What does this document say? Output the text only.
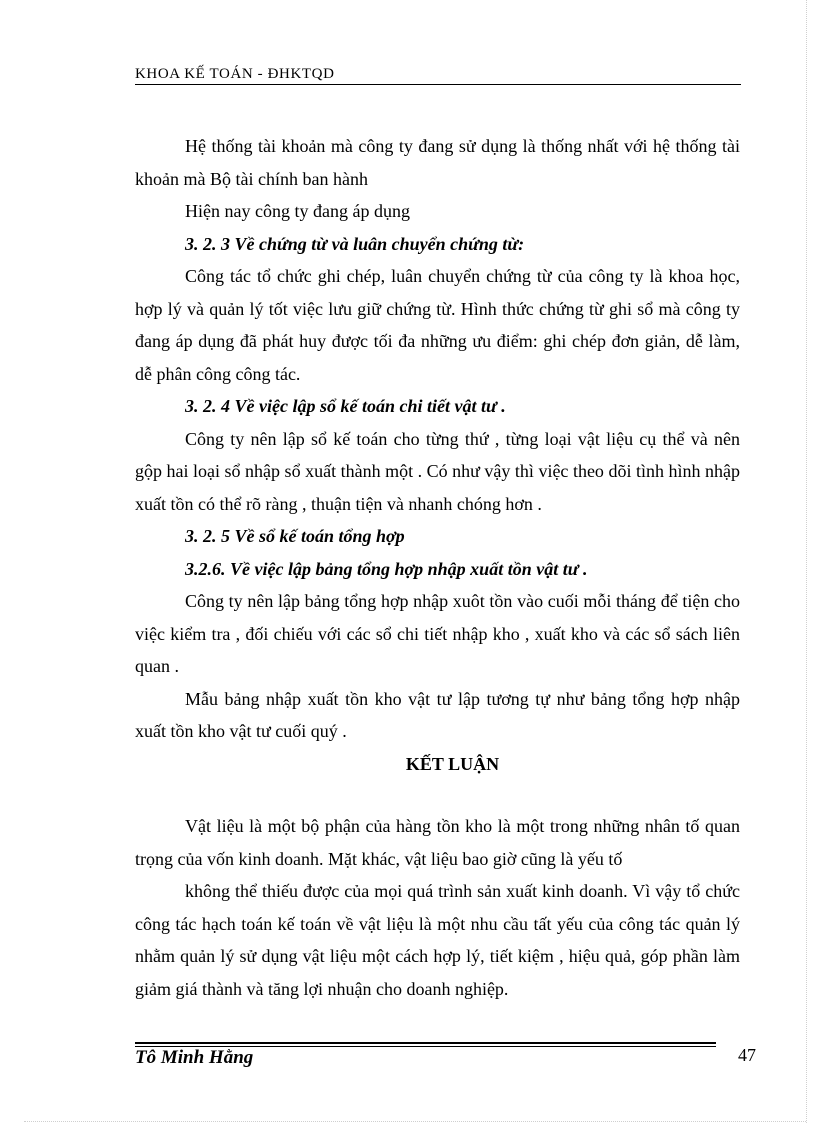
KHOA KẾ TOÁN - ĐHKTQD

Hệ thống tài khoản mà công ty đang sử dụng là thống nhất với hệ thống tài khoản mà Bộ tài chính ban hành

Hiện nay công ty đang áp dụng

3. 2. 3 Về chứng từ và luân chuyển chứng từ:

Công tác tổ chức ghi chép, luân chuyển chứng từ của công ty là khoa học, hợp lý và quản lý tốt việc lưu giữ chứng từ. Hình thức chứng từ ghi sổ mà công ty đang áp dụng đã phát huy được tối đa những ưu điểm: ghi chép đơn giản, dễ làm, dễ phân công công tác.

3. 2. 4 Về việc lập sổ kế toán chi tiết vật tư .

Công ty nên lập sổ kế toán cho từng thứ , từng loại vật liệu cụ thể và nên gộp hai loại sổ nhập sổ xuất thành một . Có như vậy thì việc theo dõi tình hình nhập xuất tồn có thể rõ ràng , thuận tiện và nhanh chóng hơn .

3. 2. 5 Về sổ kế toán tổng hợp

3.2.6. Về việc lập bảng tổng hợp nhập xuất tồn vật tư .

Công ty nên lập bảng tổng hợp nhập xuôt tồn vào cuối mỗi tháng để tiện cho việc kiểm tra , đối chiếu với các sổ chi tiết nhập kho , xuất kho và các sổ sách liên quan .

Mẫu bảng nhập xuất tồn kho vật tư lập tương tự như bảng tổng hợp nhập xuất tồn kho vật tư cuối quý .

KẾT LUẬN

Vật liệu là một bộ phận của hàng tồn kho là một trong những nhân tố quan trọng của vốn kinh doanh. Mặt khác, vật liệu bao giờ cũng là yếu tố

không thể thiếu được của mọi quá trình sản xuất kinh doanh. Vì vậy tổ chức công tác hạch toán kế toán về vật liệu là một nhu cầu tất yếu của công tác quản lý nhằm quản lý sử dụng vật liệu một cách hợp lý, tiết kiệm , hiệu quả, góp phần làm giảm giá thành và tăng lợi nhuận cho doanh nghiệp.

Tô Minh Hằng	47
